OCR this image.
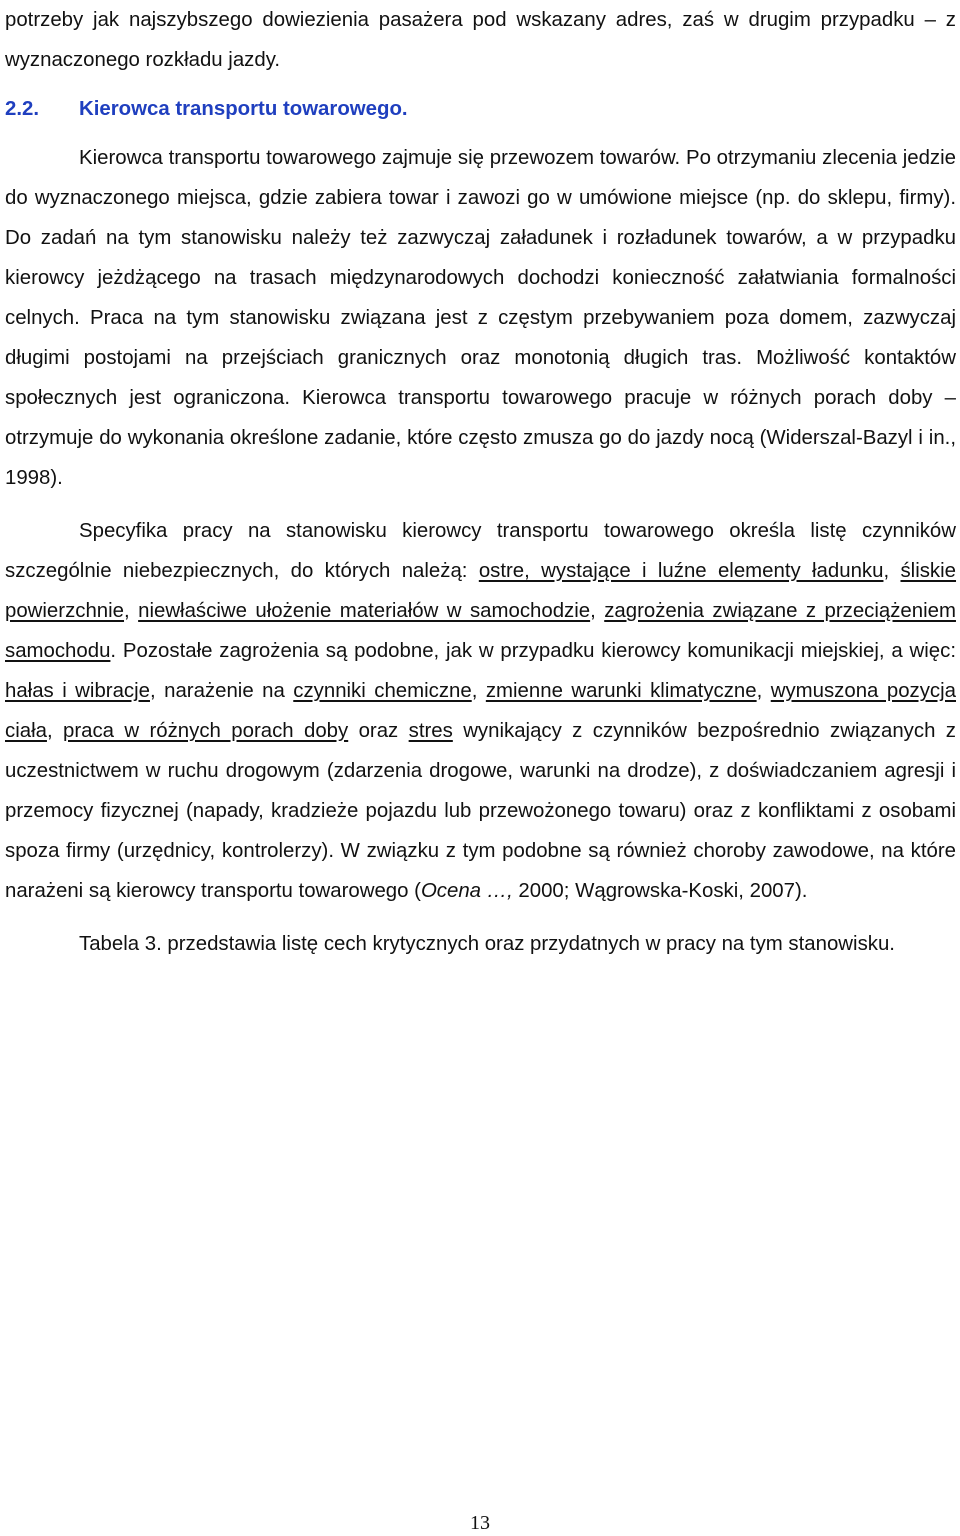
potrzeby jak najszybszego dowiezienia pasażera pod wskazany adres, zaś w drugim przypadku – z wyznaczonego rozkładu jazdy.

2.2. Kierowca transportu towarowego.

Kierowca transportu towarowego zajmuje się przewozem towarów. Po otrzymaniu zlecenia jedzie do wyznaczonego miejsca, gdzie zabiera towar i zawozi go w umówione miejsce (np. do sklepu, firmy). Do zadań na tym stanowisku należy też zazwyczaj załadunek i rozładunek towarów, a w przypadku kierowcy jeżdżącego na trasach międzynarodowych dochodzi konieczność załatwiania formalności celnych. Praca na tym stanowisku związana jest z częstym przebywaniem poza domem, zazwyczaj długimi postojami na przejściach granicznych oraz monotonią długich tras. Możliwość kontaktów społecznych jest ograniczona. Kierowca transportu towarowego pracuje w różnych porach doby – otrzymuje do wykonania określone zadanie, które często zmusza go do jazdy nocą (Widerszal-Bazyl i in., 1998).

Specyfika pracy na stanowisku kierowcy transportu towarowego określa listę czynników szczególnie niebezpiecznych, do których należą: ostre, wystające i luźne elementy ładunku, śliskie powierzchnie, niewłaściwe ułożenie materiałów w samochodzie, zagrożenia związane z przeciążeniem samochodu. Pozostałe zagrożenia są podobne, jak w przypadku kierowcy komunikacji miejskiej, a więc: hałas i wibracje, narażenie na czynniki chemiczne, zmienne warunki klimatyczne, wymuszona pozycja ciała, praca w różnych porach doby oraz stres wynikający z czynników bezpośrednio związanych z uczestnictwem w ruchu drogowym (zdarzenia drogowe, warunki na drodze), z doświadczaniem agresji i przemocy fizycznej (napady, kradzieże pojazdu lub przewożonego towaru) oraz z konfliktami z osobami spoza firmy (urzędnicy, kontrolerzy). W związku z tym podobne są również choroby zawodowe, na które narażeni są kierowcy transportu towarowego (Ocena …, 2000; Wągrowska-Koski, 2007).

Tabela 3. przedstawia listę cech krytycznych oraz przydatnych w pracy na tym stanowisku.

13
